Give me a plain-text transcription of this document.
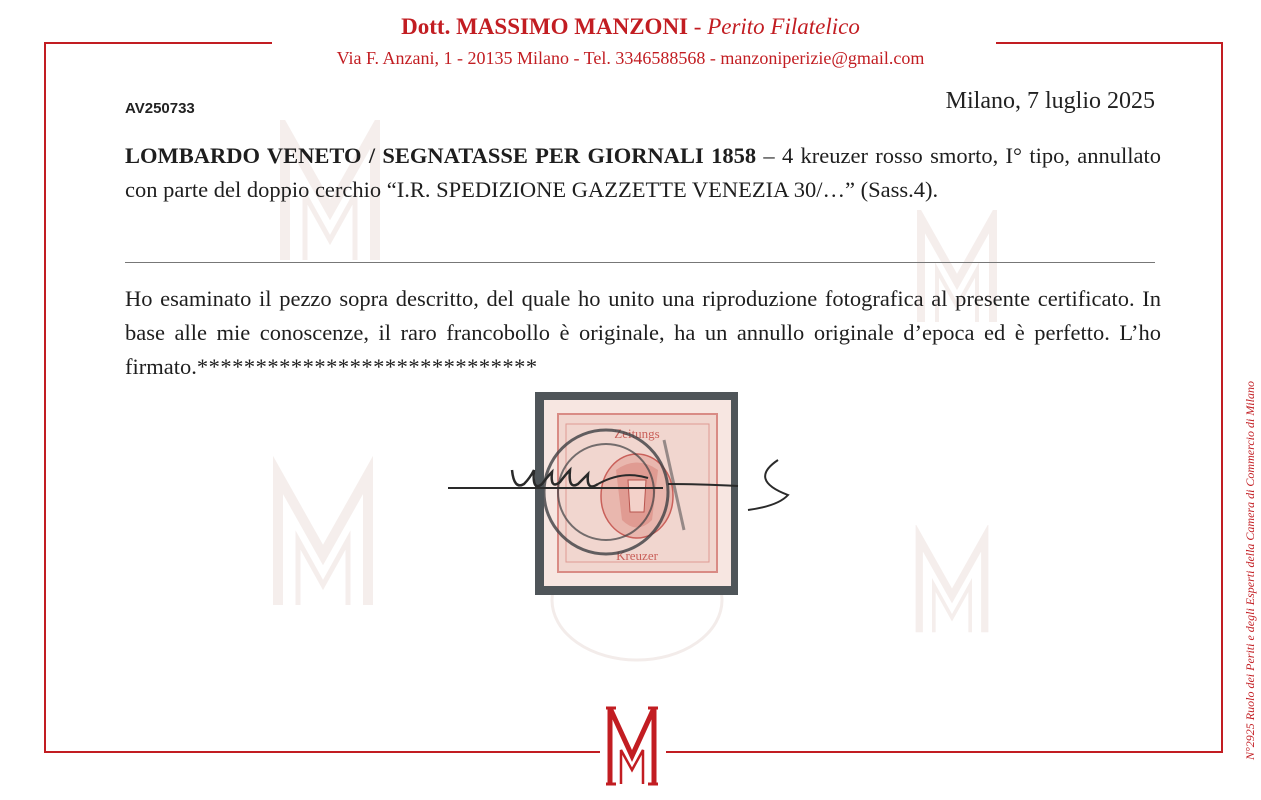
Dott. MASSIMO MANZONI - Perito Filatelico
Via F. Anzani, 1 - 20135 Milano - Tel. 3346588568 - manzoniperizie@gmail.com
AV250733	Milano, 7 luglio 2025
LOMBARDO VENETO / SEGNATASSE PER GIORNALI 1858 – 4 kreuzer rosso smorto, I° tipo, annullato con parte del doppio cerchio “I.R. SPEDIZIONE GAZZETTE VENEZIA 30/…” (Sass.4).
Ho esaminato il pezzo sopra descritto, del quale ho unito una riproduzione fotografica al presente certificato. In base alle mie conoscenze, il raro francobollo è originale, ha un annullo originale d’epoca ed è perfetto. L’ho firmato.*****************************
Zeitungs
Kreuzer	N°2925 Ruolo dei Periti e degli Esperti della Camera di Commercio di Milano
